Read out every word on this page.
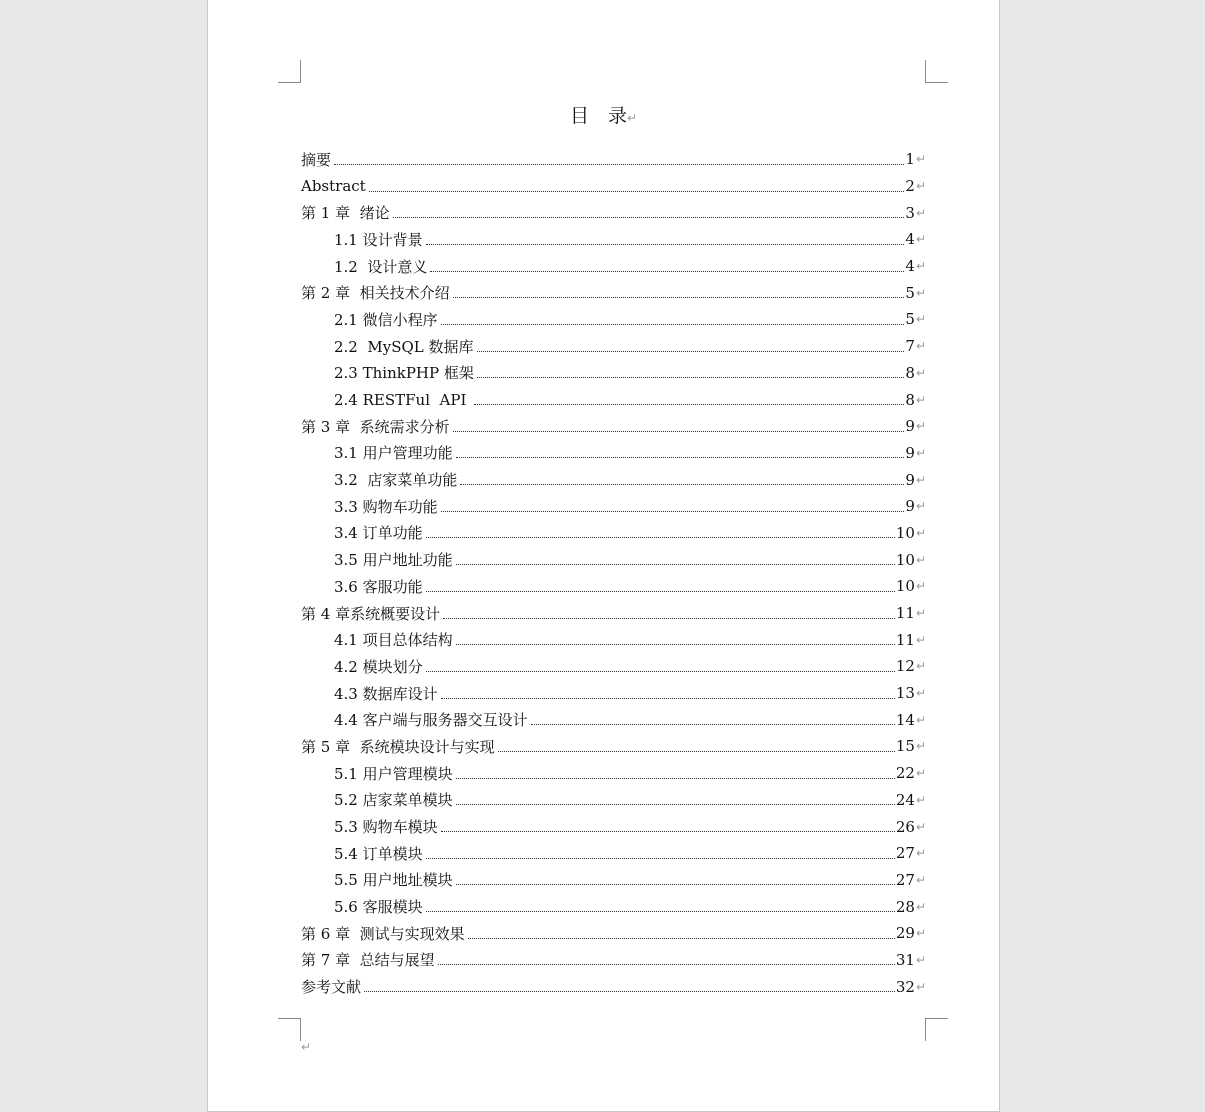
目　录↵
摘要	1 ↵
Abstract	2 ↵
第 1 章  绪论	3 ↵
1.1 设计背景	4 ↵
1.2  设计意义	4 ↵
第 2 章  相关技术介绍	5 ↵
2.1 微信小程序	5 ↵
2.2  MySQL 数据库	7 ↵
2.3 ThinkPHP 框架	8 ↵
2.4 RESTFul  API	8 ↵
第 3 章  系统需求分析	9 ↵
3.1 用户管理功能	9 ↵
3.2  店家菜单功能	9 ↵
3.3 购物车功能	9 ↵
3.4 订单功能	10 ↵
3.5 用户地址功能	10 ↵
3.6 客服功能	10 ↵
第 4 章系统概要设计	11 ↵
4.1 项目总体结构	11 ↵
4.2 模块划分	12 ↵
4.3 数据库设计	13 ↵
4.4 客户端与服务器交互设计	14 ↵
第 5 章  系统模块设计与实现	15 ↵
5.1 用户管理模块	22 ↵
5.2 店家菜单模块	24 ↵
5.3 购物车模块	26 ↵
5.4 订单模块	27 ↵
5.5 用户地址模块	27 ↵
5.6 客服模块	28 ↵
第 6 章  测试与实现效果	29 ↵
第 7 章  总结与展望	31 ↵
参考文献	32 ↵
↵
